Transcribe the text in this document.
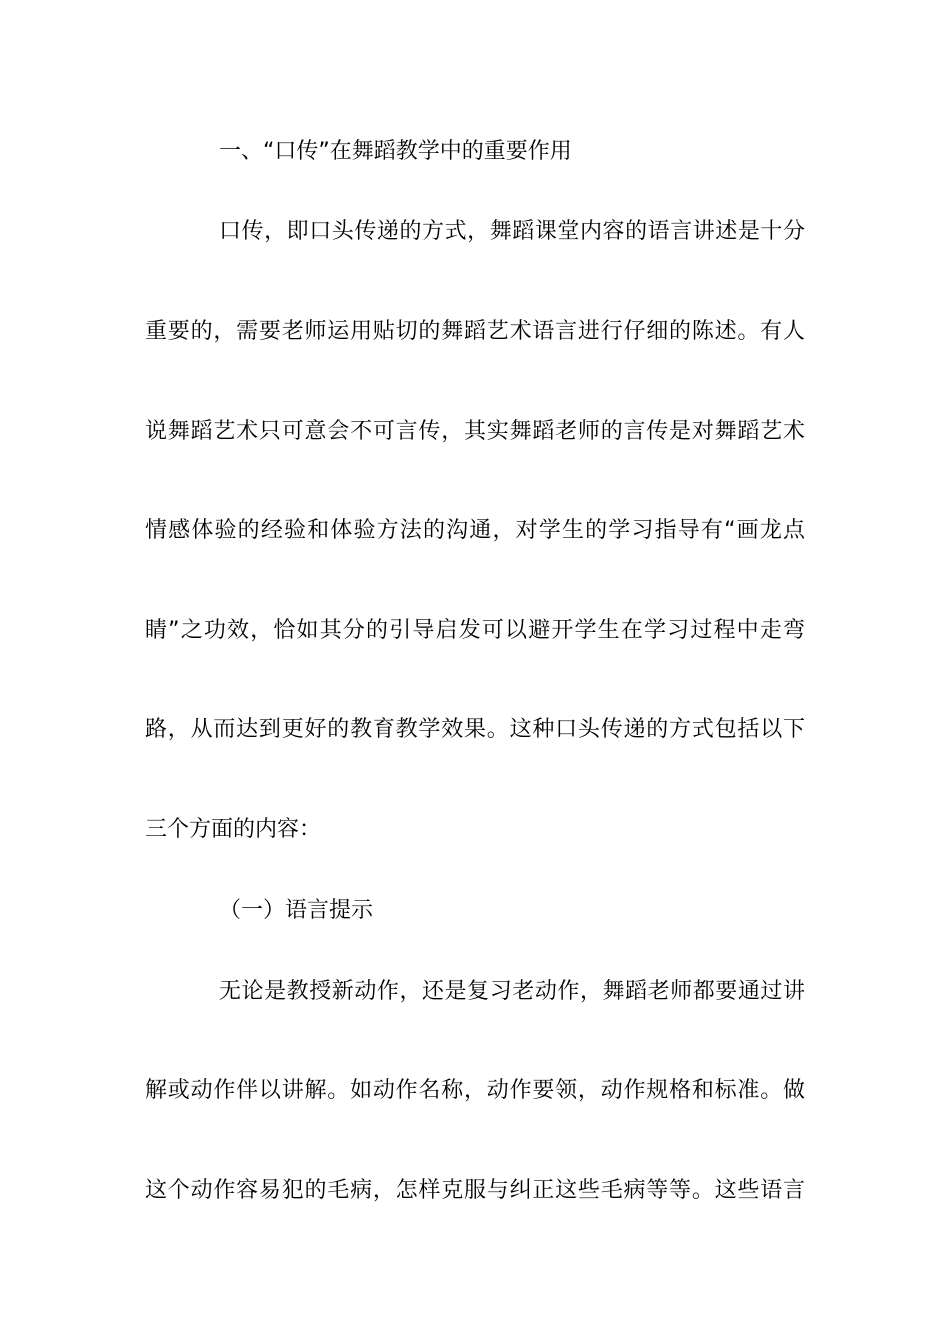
一、“口传”在舞蹈教学中的重要作用
口传，即口头传递的方式，舞蹈课堂内容的语言讲述是十分
重要的，需要老师运用贴切的舞蹈艺术语言进行仔细的陈述。有人
说舞蹈艺术只可意会不可言传，其实舞蹈老师的言传是对舞蹈艺术
情感体验的经验和体验方法的沟通，对学生的学习指导有“画龙点
睛”之功效，恰如其分的引导启发可以避开学生在学习过程中走弯
路，从而达到更好的教育教学效果。这种口头传递的方式包括以下
三个方面的内容：
（一）语言提示
无论是教授新动作，还是复习老动作，舞蹈老师都要通过讲
解或动作伴以讲解。如动作名称，动作要领，动作规格和标准。做
这个动作容易犯的毛病，怎样克服与纠正这些毛病等等。这些语言
